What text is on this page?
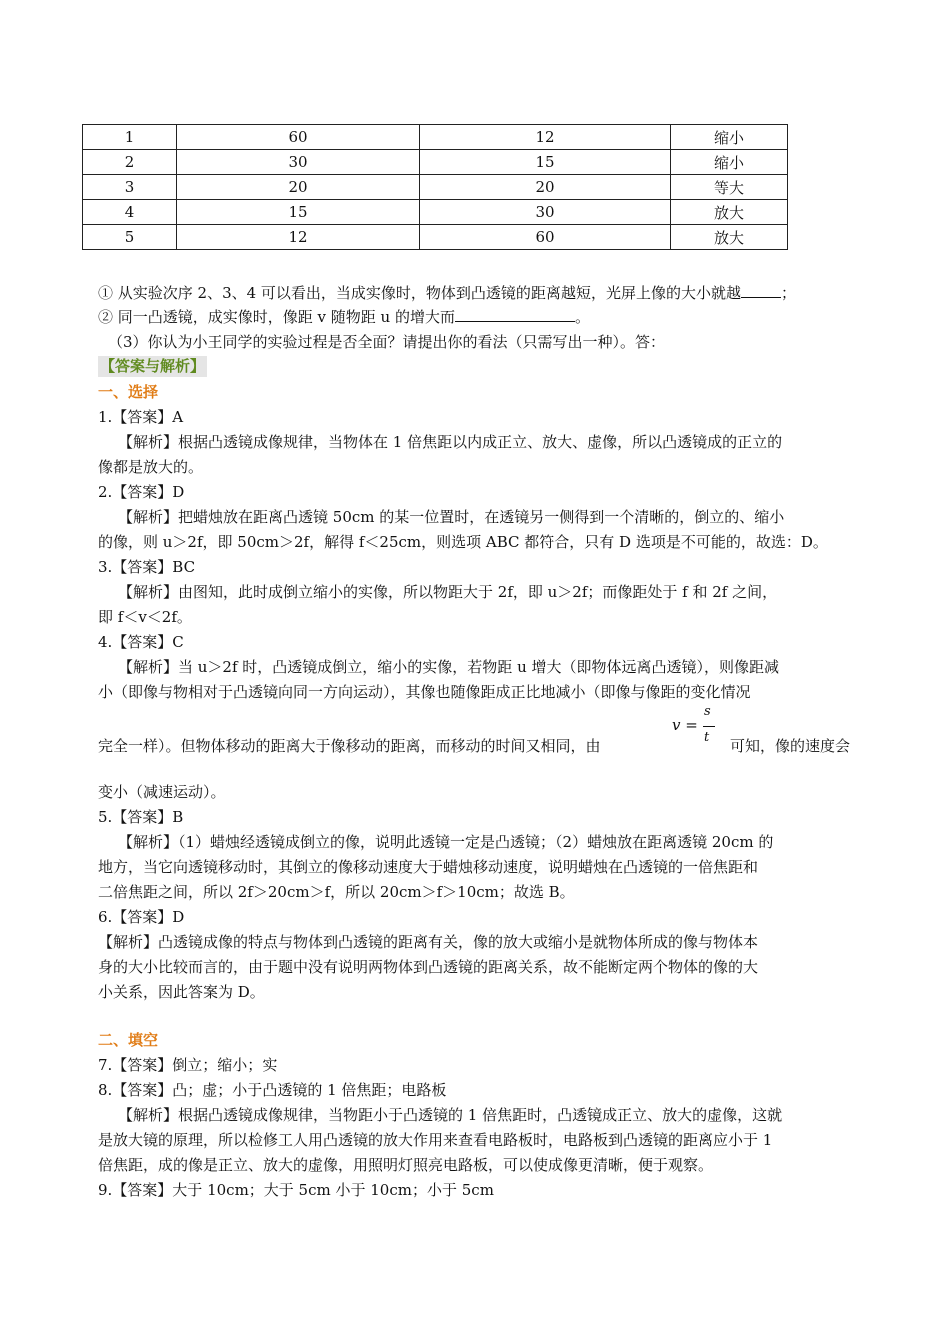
1	60	12	缩小
2	30	15	缩小
3	20	20	等大
4	15	30	放大
5	12	60	放大
① 从实验次序 2、3、4 可以看出，当成实像时，物体到凸透镜的距离越短，光屏上像的大小就越	；
② 同一凸透镜，成实像时，像距 v 随物距 u 的增大而	。
（3）你认为小王同学的实验过程是否全面？请提出你的看法（只需写出一种）。答：
【答案与解析】
一、选择
1.【答案】A
【解析】根据凸透镜成像规律，当物体在 1 倍焦距以内成正立、放大、虚像，所以凸透镜成的正立的
像都是放大的。
2.【答案】D
【解析】把蜡烛放在距离凸透镜 50cm 的某一位置时，在透镜另一侧得到一个清晰的，倒立的、缩小
的像，则 u＞2f，即 50cm＞2f，解得 f＜25cm，则选项 ABC 都符合，只有 D 选项是不可能的，故选：D。
3.【答案】BC
【解析】由图知，此时成倒立缩小的实像，所以物距大于 2f，即 u＞2f；而像距处于 f 和 2f 之间，
即 f＜v＜2f。
4.【答案】C
【解析】当 u＞2f 时，凸透镜成倒立，缩小的实像，若物距 u 增大（即物体远离凸透镜），则像距减
小（即像与物相对于凸透镜向同一方向运动），其像也随像距成正比地减小（即像与像距的变化情况
完全一样）。但物体移动的距离大于像移动的距离，而移动的时间又相同，由
v =
s
t 可知，像的速度会
变小（减速运动）。
5.【答案】B
【解析】（1）蜡烛经透镜成倒立的像，说明此透镜一定是凸透镜；（2）蜡烛放在距离透镜 20cm 的
地方，当它向透镜移动时，其倒立的像移动速度大于蜡烛移动速度，说明蜡烛在凸透镜的一倍焦距和
二倍焦距之间，所以 2f＞20cm＞f，所以 20cm＞f＞10cm；故选 B。
6.【答案】D
【解析】凸透镜成像的特点与物体到凸透镜的距离有关，像的放大或缩小是就物体所成的像与物体本
身的大小比较而言的，由于题中没有说明两物体到凸透镜的距离关系，故不能断定两个物体的像的大
小关系，因此答案为 D。
二、填空
7.【答案】倒立；缩小；实
8.【答案】凸；虚；小于凸透镜的 1 倍焦距；电路板
【解析】根据凸透镜成像规律，当物距小于凸透镜的 1 倍焦距时，凸透镜成正立、放大的虚像，这就
是放大镜的原理，所以检修工人用凸透镜的放大作用来查看电路板时，电路板到凸透镜的距离应小于 1
倍焦距，成的像是正立、放大的虚像，用照明灯照亮电路板，可以使成像更清晰，便于观察。
9.【答案】大于 10cm；大于 5cm 小于 10cm；小于 5cm
